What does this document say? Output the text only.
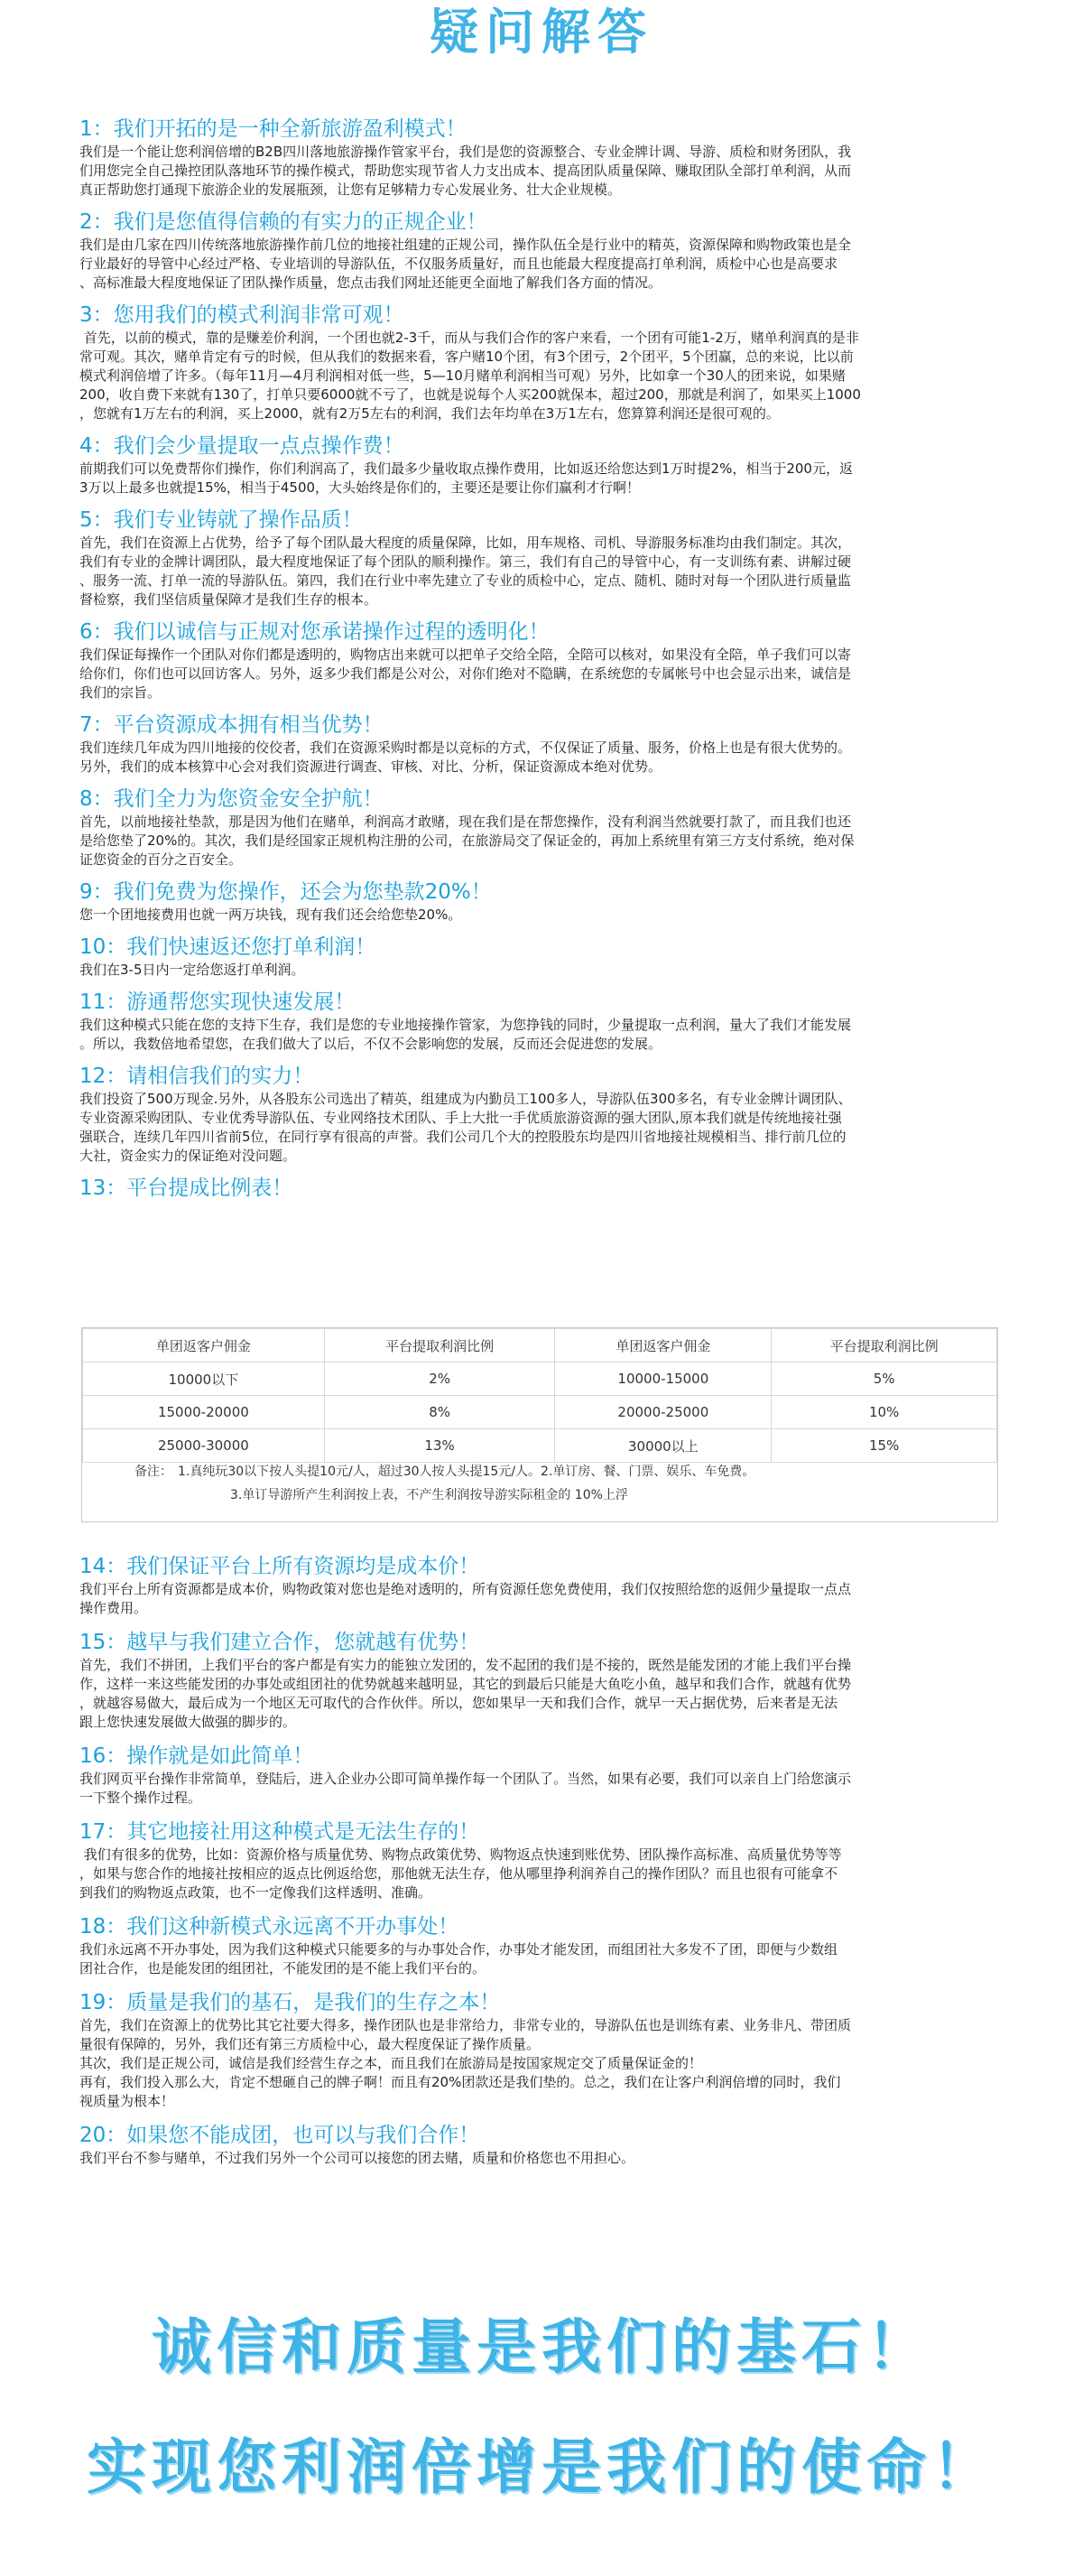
疑问解答
1：我们开拓的是一种全新旅游盈利模式！
我们是一个能让您利润倍增的B2B四川落地旅游操作管家平台，我们是您的资源整合、专业金牌计调、导游、质检和财务团队，我
们用您完全自己操控团队落地环节的操作模式，帮助您实现节省人力支出成本、提高团队质量保障、赚取团队全部打单利润，从而
真正帮助您打通现下旅游企业的发展瓶颈，让您有足够精力专心发展业务、壮大企业规模。
2：我们是您值得信赖的有实力的正规企业！
我们是由几家在四川传统落地旅游操作前几位的地接社组建的正规公司，操作队伍全是行业中的精英，资源保障和购物政策也是全
行业最好的导管中心经过严格、专业培训的导游队伍，不仅服务质量好，而且也能最大程度提高打单利润，质检中心也是高要求
、高标准最大程度地保证了团队操作质量，您点击我们网址还能更全面地了解我们各方面的情况。
3：您用我们的模式利润非常可观！
首先，以前的模式，靠的是赚差价利润，一个团也就2-3千，而从与我们合作的客户来看，一个团有可能1-2万，赌单利润真的是非
常可观。其次，赌单肯定有亏的时候，但从我们的数据来看，客户赌10个团，有3个团亏，2个团平，5个团赢，总的来说，比以前
模式利润倍增了许多。（每年11月—4月利润相对低一些，5—10月赌单利润相当可观）另外，比如拿一个30人的团来说，如果赌
200，收自费下来就有130了，打单只要6000就不亏了，也就是说每个人买200就保本，超过200，那就是利润了，如果买上1000
，您就有1万左右的利润，买上2000，就有2万5左右的利润，我们去年均单在3万1左右，您算算利润还是很可观的。
4：我们会少量提取一点点操作费！
前期我们可以免费帮你们操作，你们利润高了，我们最多少量收取点操作费用，比如返还给您达到1万时提2%，相当于200元，返
3万以上最多也就提15%，相当于4500，大头始终是你们的，主要还是要让你们赢利才行啊！
5：我们专业铸就了操作品质！
首先，我们在资源上占优势，给予了每个团队最大程度的质量保障，比如，用车规格、司机、导游服务标准均由我们制定。其次，
我们有专业的金牌计调团队，最大程度地保证了每个团队的顺利操作。第三，我们有自己的导管中心，有一支训练有素、讲解过硬
、服务一流、打单一流的导游队伍。第四，我们在行业中率先建立了专业的质检中心，定点、随机、随时对每一个团队进行质量监
督检察，我们坚信质量保障才是我们生存的根本。
6：我们以诚信与正规对您承诺操作过程的透明化！
我们保证每操作一个团队对你们都是透明的，购物店出来就可以把单子交给全陪，全陪可以核对，如果没有全陪，单子我们可以寄
给你们，你们也可以回访客人。另外，返多少我们都是公对公，对你们绝对不隐瞒，在系统您的专属帐号中也会显示出来，诚信是
我们的宗旨。
7：平台资源成本拥有相当优势！
我们连续几年成为四川地接的佼佼者，我们在资源采购时都是以竞标的方式，不仅保证了质量、服务，价格上也是有很大优势的。
另外，我们的成本核算中心会对我们资源进行调查、审核、对比、分析，保证资源成本绝对优势。
8：我们全力为您资金安全护航！
首先，以前地接社垫款，那是因为他们在赌单，利润高才敢赌，现在我们是在帮您操作，没有利润当然就要打款了，而且我们也还
是给您垫了20%的。其次，我们是经国家正规机构注册的公司，在旅游局交了保证金的，再加上系统里有第三方支付系统，绝对保
证您资金的百分之百安全。
9：我们免费为您操作，还会为您垫款20%！
您一个团地接费用也就一两万块钱，现有我们还会给您垫20%。
10：我们快速返还您打单利润！
我们在3-5日内一定给您返打单利润。
11：游通帮您实现快速发展！
我们这种模式只能在您的支持下生存，我们是您的专业地接操作管家，为您挣钱的同时，少量提取一点利润，量大了我们才能发展
。所以，我数倍地希望您，在我们做大了以后，不仅不会影响您的发展，反而还会促进您的发展。
12：请相信我们的实力！
我们投资了500万现金.另外，从各股东公司选出了精英，组建成为内勤员工100多人，导游队伍300多名，有专业金牌计调团队、
专业资源采购团队、专业优秀导游队伍、专业网络技术团队、手上大批一手优质旅游资源的强大团队,原本我们就是传统地接社强
强联合，连续几年四川省前5位，在同行享有很高的声誉。我们公司几个大的控股股东均是四川省地接社规模相当、排行前几位的
大社，资金实力的保证绝对没问题。
13：平台提成比例表！
单团返客户佣金	平台提取利润比例	单团返客户佣金	平台提取利润比例
10000以下	2%	10000-15000	5%
15000-20000	8%	20000-25000	10%
25000-30000	13%	30000以上	15%
备注： 1.真纯玩30以下按人头提10元/人，超过30人按人头提15元/人。2.单订房、餐、门票、娱乐、车免费。
3.单订导游所产生利润按上表，不产生利润按导游实际租金的 10%上浮
14：我们保证平台上所有资源均是成本价！
我们平台上所有资源都是成本价，购物政策对您也是绝对透明的，所有资源任您免费使用，我们仅按照给您的返佣少量提取一点点
操作费用。
15：越早与我们建立合作，您就越有优势！
首先，我们不拼团，上我们平台的客户都是有实力的能独立发团的，发不起团的我们是不接的，既然是能发团的才能上我们平台操
作，这样一来这些能发团的办事处或组团社的优势就越来越明显，其它的到最后只能是大鱼吃小鱼，越早和我们合作，就越有优势
，就越容易做大，最后成为一个地区无可取代的合作伙伴。所以，您如果早一天和我们合作，就早一天占据优势，后来者是无法
跟上您快速发展做大做强的脚步的。
16：操作就是如此简单！
我们网页平台操作非常简单，登陆后，进入企业办公即可简单操作每一个团队了。当然，如果有必要，我们可以亲自上门给您演示
一下整个操作过程。
17：其它地接社用这种模式是无法生存的！
我们有很多的优势，比如：资源价格与质量优势、购物点政策优势、购物返点快速到账优势、团队操作高标准、高质量优势等等
，如果与您合作的地接社按相应的返点比例返给您，那他就无法生存，他从哪里挣利润养自己的操作团队？而且也很有可能拿不
到我们的购物返点政策，也不一定像我们这样透明、准确。
18：我们这种新模式永远离不开办事处！
我们永远离不开办事处，因为我们这种模式只能要多的与办事处合作，办事处才能发团，而组团社大多发不了团，即便与少数组
团社合作，也是能发团的组团社，不能发团的是不能上我们平台的。
19：质量是我们的基石，是我们的生存之本！
首先，我们在资源上的优势比其它社要大得多，操作团队也是非常给力，非常专业的，导游队伍也是训练有素、业务非凡、带团质
量很有保障的，另外，我们还有第三方质检中心，最大程度保证了操作质量。
其次，我们是正规公司，诚信是我们经营生存之本，而且我们在旅游局是按国家规定交了质量保证金的！
再有，我们投入那么大，肯定不想砸自己的牌子啊！而且有20%团款还是我们垫的。总之，我们在让客户利润倍增的同时，我们
视质量为根本！
20：如果您不能成团，也可以与我们合作！
我们平台不参与赌单，不过我们另外一个公司可以接您的团去赌，质量和价格您也不用担心。
诚信和质量是我们的基石！
实现您利润倍增是我们的使命！
